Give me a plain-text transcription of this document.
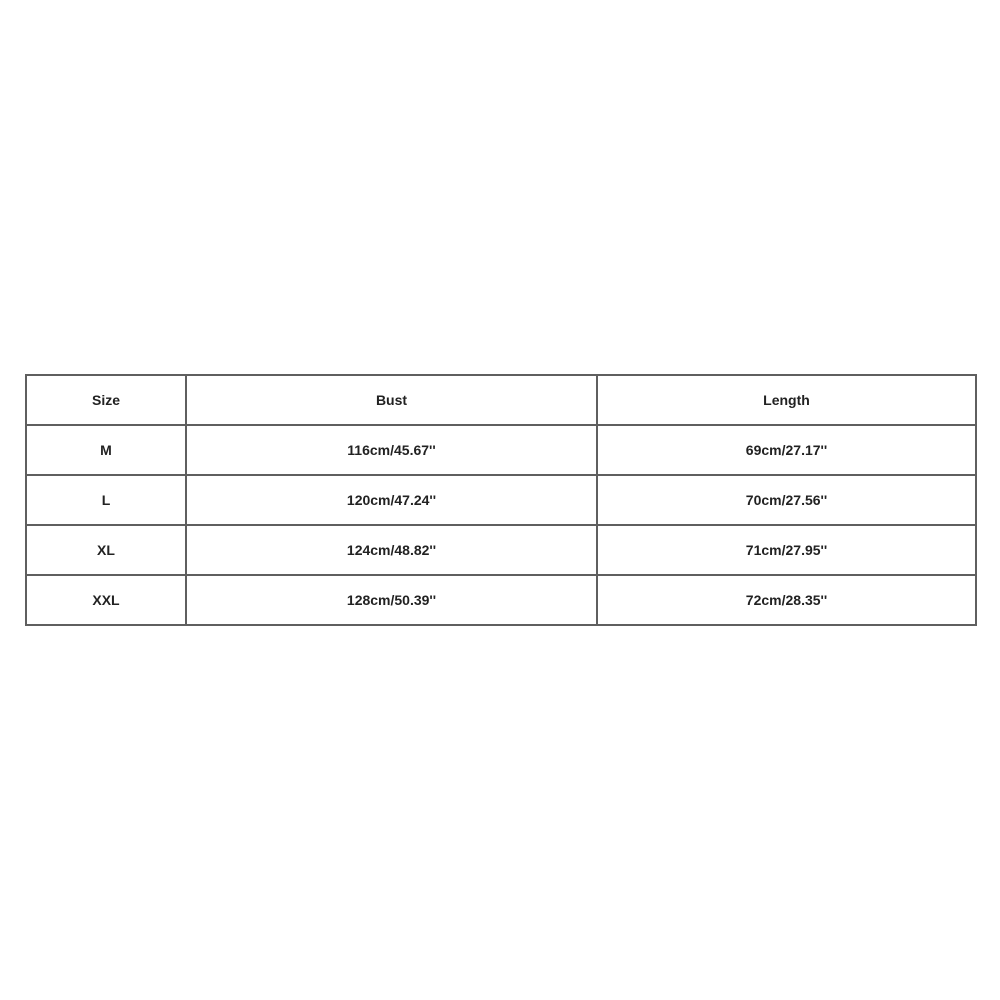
Size	Bust	Length
M	116cm/45.67''	69cm/27.17''
L	120cm/47.24''	70cm/27.56''
XL	124cm/48.82''	71cm/27.95''
XXL	128cm/50.39''	72cm/28.35''
